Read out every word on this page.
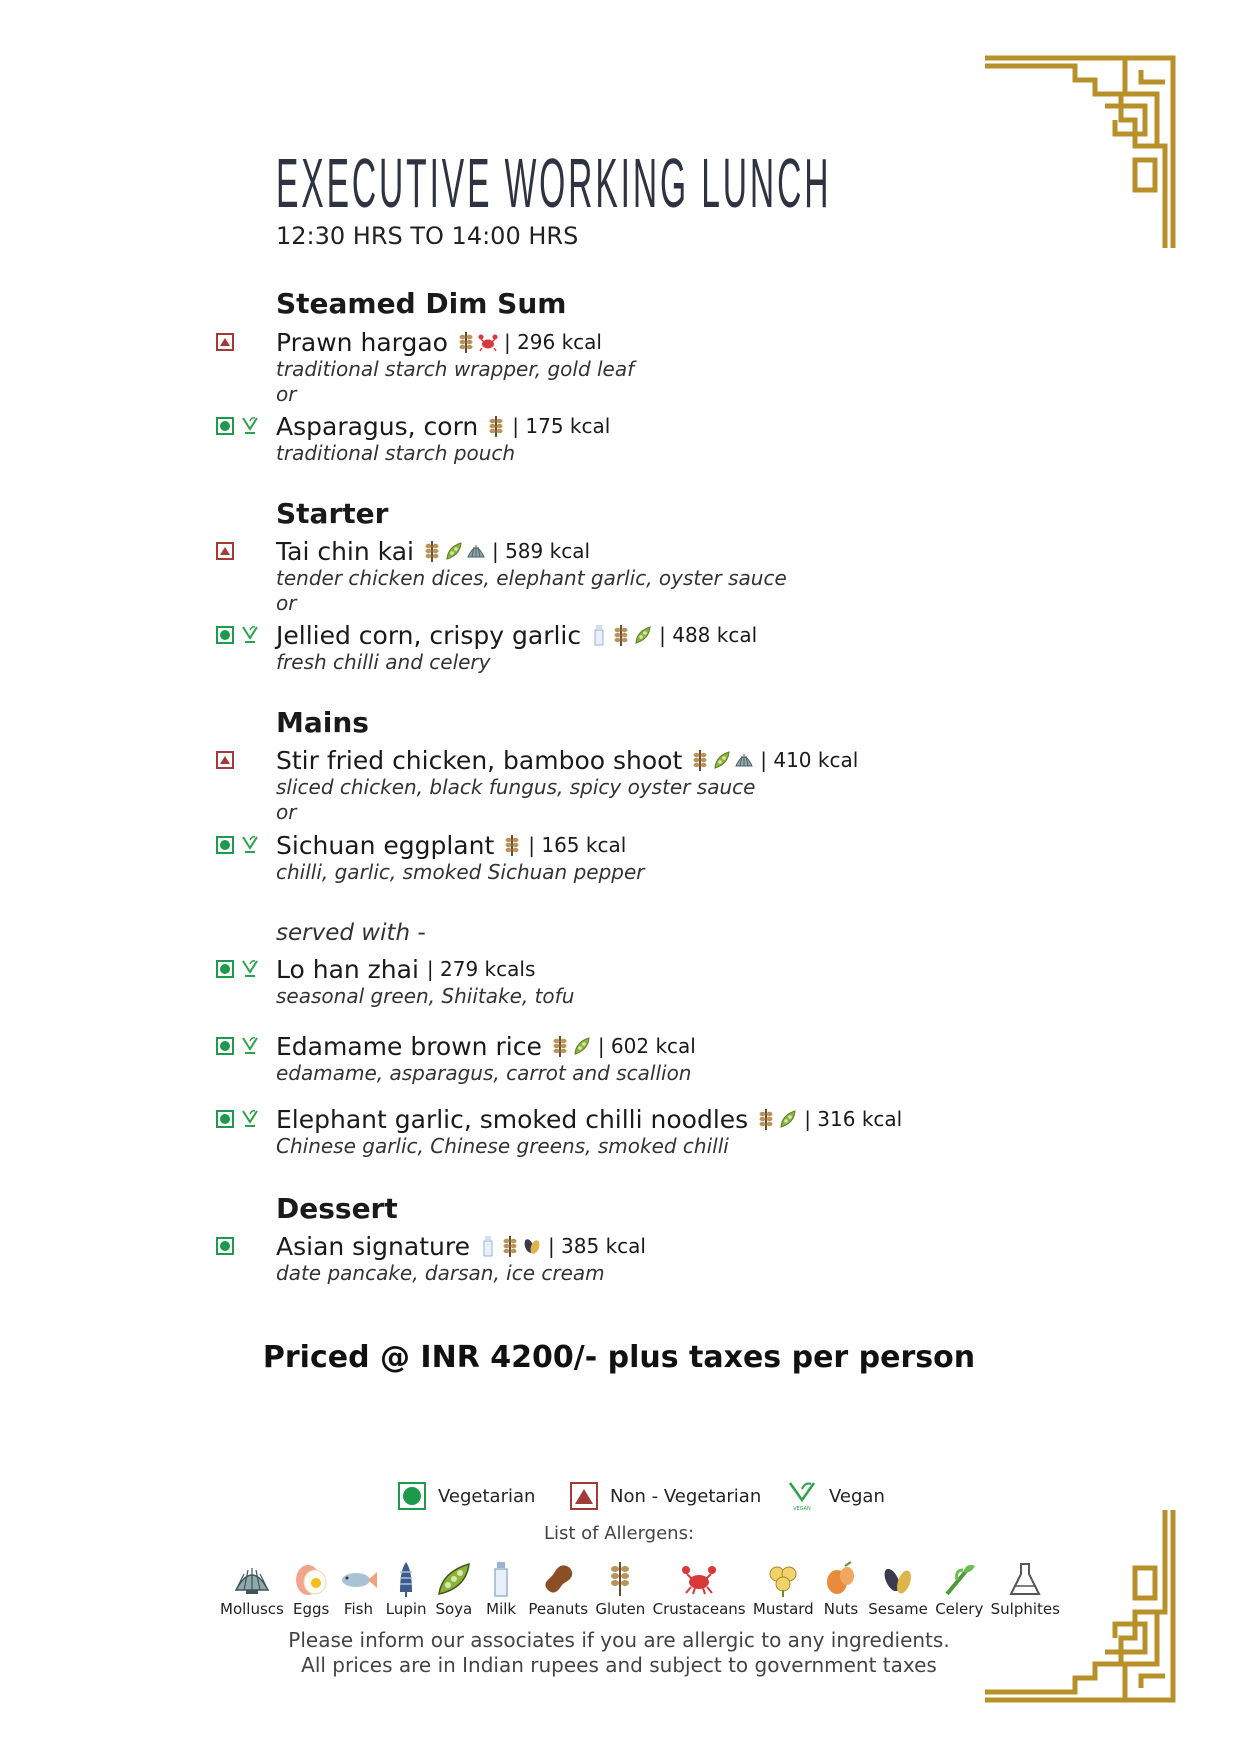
EXECUTIVE WORKING LUNCH
12:30 HRS TO 14:00 HRS
Steamed Dim Sum
Prawn hargao	| 296 kcal
traditional starch wrapper, gold leaf
or
Asparagus, corn | 175 kcal
traditional starch pouch
Starter
Tai chin kai	| 589 kcal
tender chicken dices, elephant garlic, oyster sauce
or
Jellied corn, crispy garlic	| 488 kcal
fresh chilli and celery
Mains
Stir fried chicken, bamboo shoot	| 410 kcal
sliced chicken, black fungus, spicy oyster sauce
or
Sichuan eggplant | 165 kcal
chilli, garlic, smoked Sichuan pepper
served with -
Lo han zhai | 279 kcals
seasonal green, Shiitake, tofu
Edamame brown rice	| 602 kcal
edamame, asparagus, carrot and scallion
Elephant garlic, smoked chilli noodles	| 316 kcal
Chinese garlic, Chinese greens, smoked chilli
Dessert
Asian signature	| 385 kcal
date pancake, darsan, ice cream
Priced @ INR 4200/- plus taxes per person
Vegetarian	Non - Vegetarian
VEGAN
Vegan
List of Allergens:
Molluscs Eggs Fish Lupin Soya Milk Peanuts Gluten Crustaceans Mustard Nuts Sesame Celery Sulphites
Please inform our associates if you are allergic to any ingredients.
All prices are in Indian rupees and subject to government taxes
